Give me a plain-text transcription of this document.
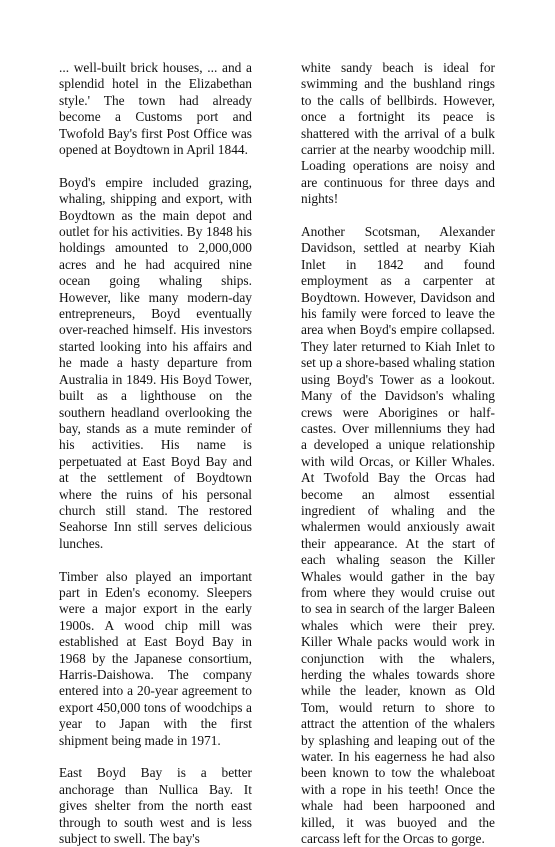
... well-built brick houses, ... and a splendid hotel in the Elizabethan style.' The town had already become a Customs port and Twofold Bay's first Post Office was opened at Boydtown in April 1844.

Boyd's empire included grazing, whaling, shipping and export, with Boydtown as the main depot and outlet for his activities. By 1848 his holdings amounted to 2,000,000 acres and he had acquired nine ocean going whaling ships. However, like many modern-day entrepreneurs, Boyd eventually over-reached himself. His investors started looking into his affairs and he made a hasty departure from Australia in 1849. His Boyd Tower, built as a lighthouse on the southern headland overlooking the bay, stands as a mute reminder of his activities. His name is perpetuated at East Boyd Bay and at the settlement of Boydtown where the ruins of his personal church still stand. The restored Seahorse Inn still serves delicious lunches.

Timber also played an important part in Eden's economy. Sleepers were a major export in the early 1900s. A wood chip mill was established at East Boyd Bay in 1968 by the Japanese consortium, Harris-Daishowa. The company entered into a 20-year agreement to export 450,000 tons of woodchips a year to Japan with the first shipment being made in 1971.

East Boyd Bay is a better anchorage than Nullica Bay. It gives shelter from the north east through to south west and is less subject to swell. The bay's

white sandy beach is ideal for swimming and the bushland rings to the calls of bellbirds. However, once a fortnight its peace is shattered with the arrival of a bulk carrier at the nearby woodchip mill. Loading operations are noisy and are continuous for three days and nights!

Another Scotsman, Alexander Davidson, settled at nearby Kiah Inlet in 1842 and found employment as a carpenter at Boydtown. However, Davidson and his family were forced to leave the area when Boyd's empire collapsed. They later returned to Kiah Inlet to set up a shore-based whaling station using Boyd's Tower as a lookout. Many of the Davidson's whaling crews were Aborigines or half-castes. Over millenniums they had a developed a unique relationship with wild Orcas, or Killer Whales. At Twofold Bay the Orcas had become an almost essential ingredient of whaling and the whalermen would anxiously await their appearance. At the start of each whaling season the Killer Whales would gather in the bay from where they would cruise out to sea in search of the larger Baleen whales which were their prey. Killer Whale packs would work in conjunction with the whalers, herding the whales towards shore while the leader, known as Old Tom, would return to shore to attract the attention of the whalers by splashing and leaping out of the water. In his eagerness he had also been known to tow the whaleboat with a rope in his teeth! Once the whale had been harpooned and killed, it was buoyed and the carcass left for the Orcas to gorge.
